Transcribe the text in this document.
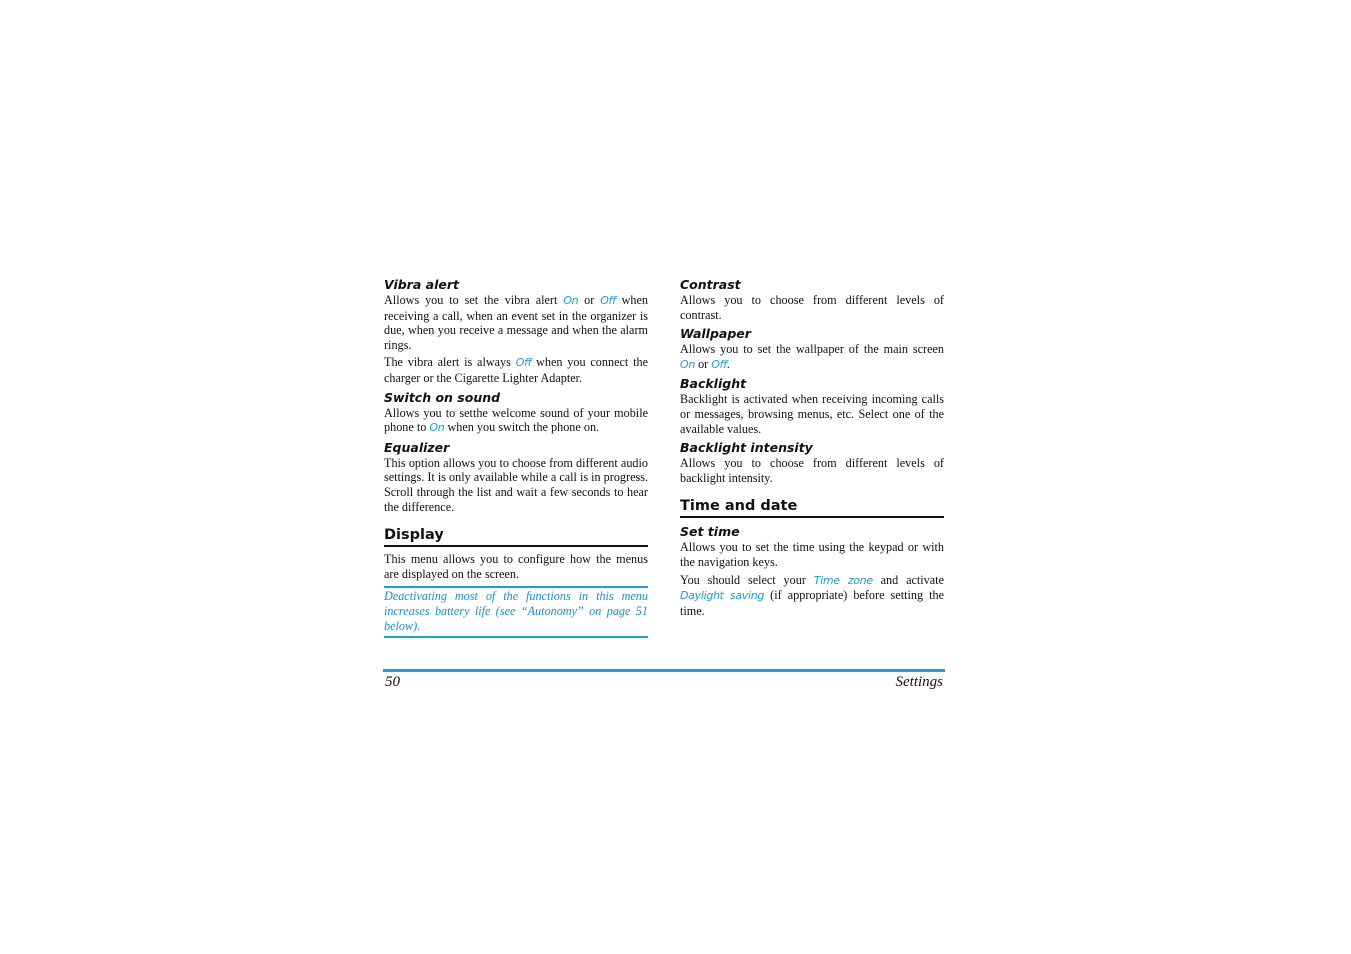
Vibra alert

Allows you to set the vibra alert On or Off when receiving a call, when an event set in the organizer is due, when you receive a message and when the alarm rings.

The vibra alert is always Off when you connect the charger or the Cigarette Lighter Adapter.

Switch on sound

Allows you to setthe welcome sound of your mobile phone to On when you switch the phone on.

Equalizer

This option allows you to choose from different audio settings. It is only available while a call is in progress. Scroll through the list and wait a few seconds to hear the difference.

Display

This menu allows you to configure how the menus are displayed on the screen.

Deactivating most of the functions in this menu increases battery life (see “Autonomy” on page 51 below).
Contrast

Allows you to choose from different levels of contrast.

Wallpaper

Allows you to set the wallpaper of the main screen On or Off.

Backlight

Backlight is activated when receiving incoming calls or messages, browsing menus, etc. Select one of the available values.

Backlight intensity

Allows you to choose from different levels of backlight intensity.

Time and date
Set time

Allows you to set the time using the keypad or with the navigation keys.

You should select your Time zone and activate Daylight saving (if appropriate) before setting the time.

50	Settings
